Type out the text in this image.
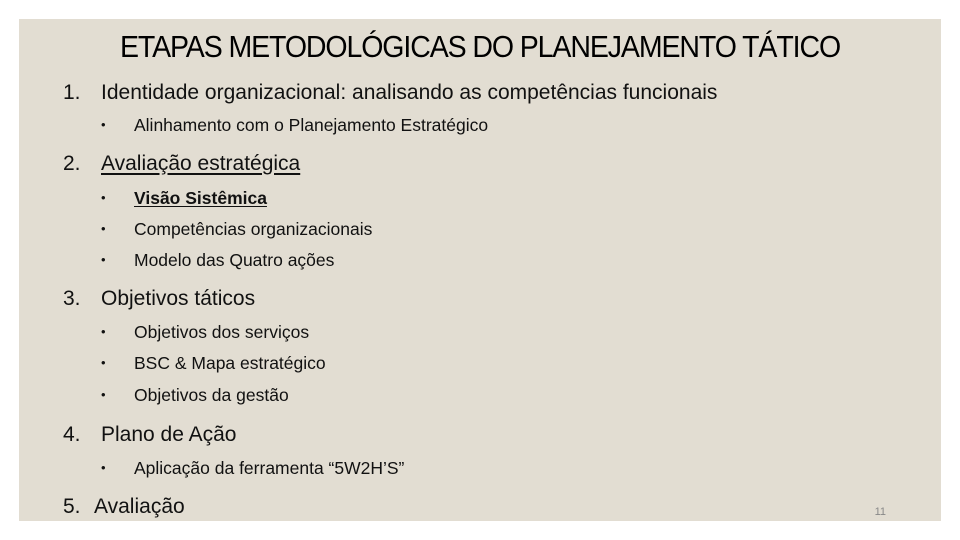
ETAPAS METODOLÓGICAS DO PLANEJAMENTO TÁTICO
1. Identidade organizacional: analisando as competências funcionais
• Alinhamento com o Planejamento Estratégico
2. Avaliação estratégica
• Visão Sistêmica
• Competências organizacionais
• Modelo das Quatro ações
3. Objetivos táticos
• Objetivos dos serviços
• BSC & Mapa estratégico
• Objetivos da gestão
4. Plano de Ação
• Aplicação da ferramenta “5W2H’S”
5. Avaliação	11
